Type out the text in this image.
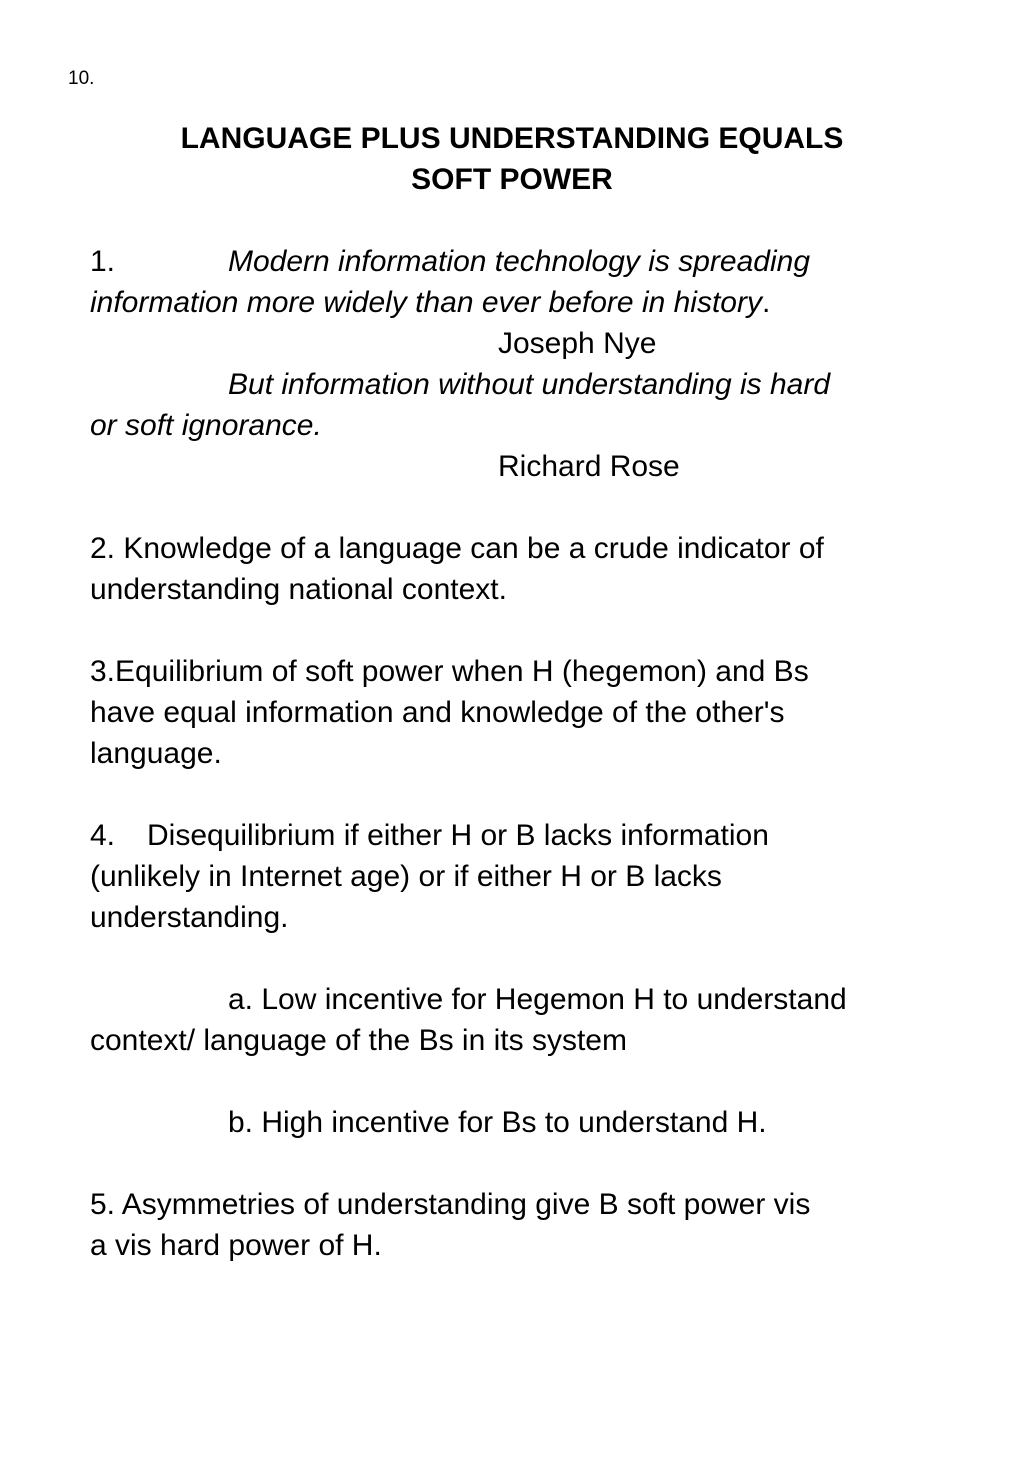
10.
LANGUAGE PLUS UNDERSTANDING EQUALS
SOFT POWER
1.	Modern information technology is spreading
information more widely than ever before in history.
Joseph Nye
But information without understanding is hard
or soft ignorance.
Richard Rose
2. Knowledge of a language can be a crude indicator of
understanding national context.
3.Equilibrium of soft power when H (hegemon) and Bs
have equal information and knowledge of the other's
language.
4. Disequilibrium if either H or B lacks information
(unlikely in Internet age) or if either H or B lacks
understanding.
a. Low incentive for Hegemon H to understand
context/ language of the Bs in its system
b. High incentive for Bs to understand H.
5. Asymmetries of understanding give B soft power vis
a vis hard power of H.
